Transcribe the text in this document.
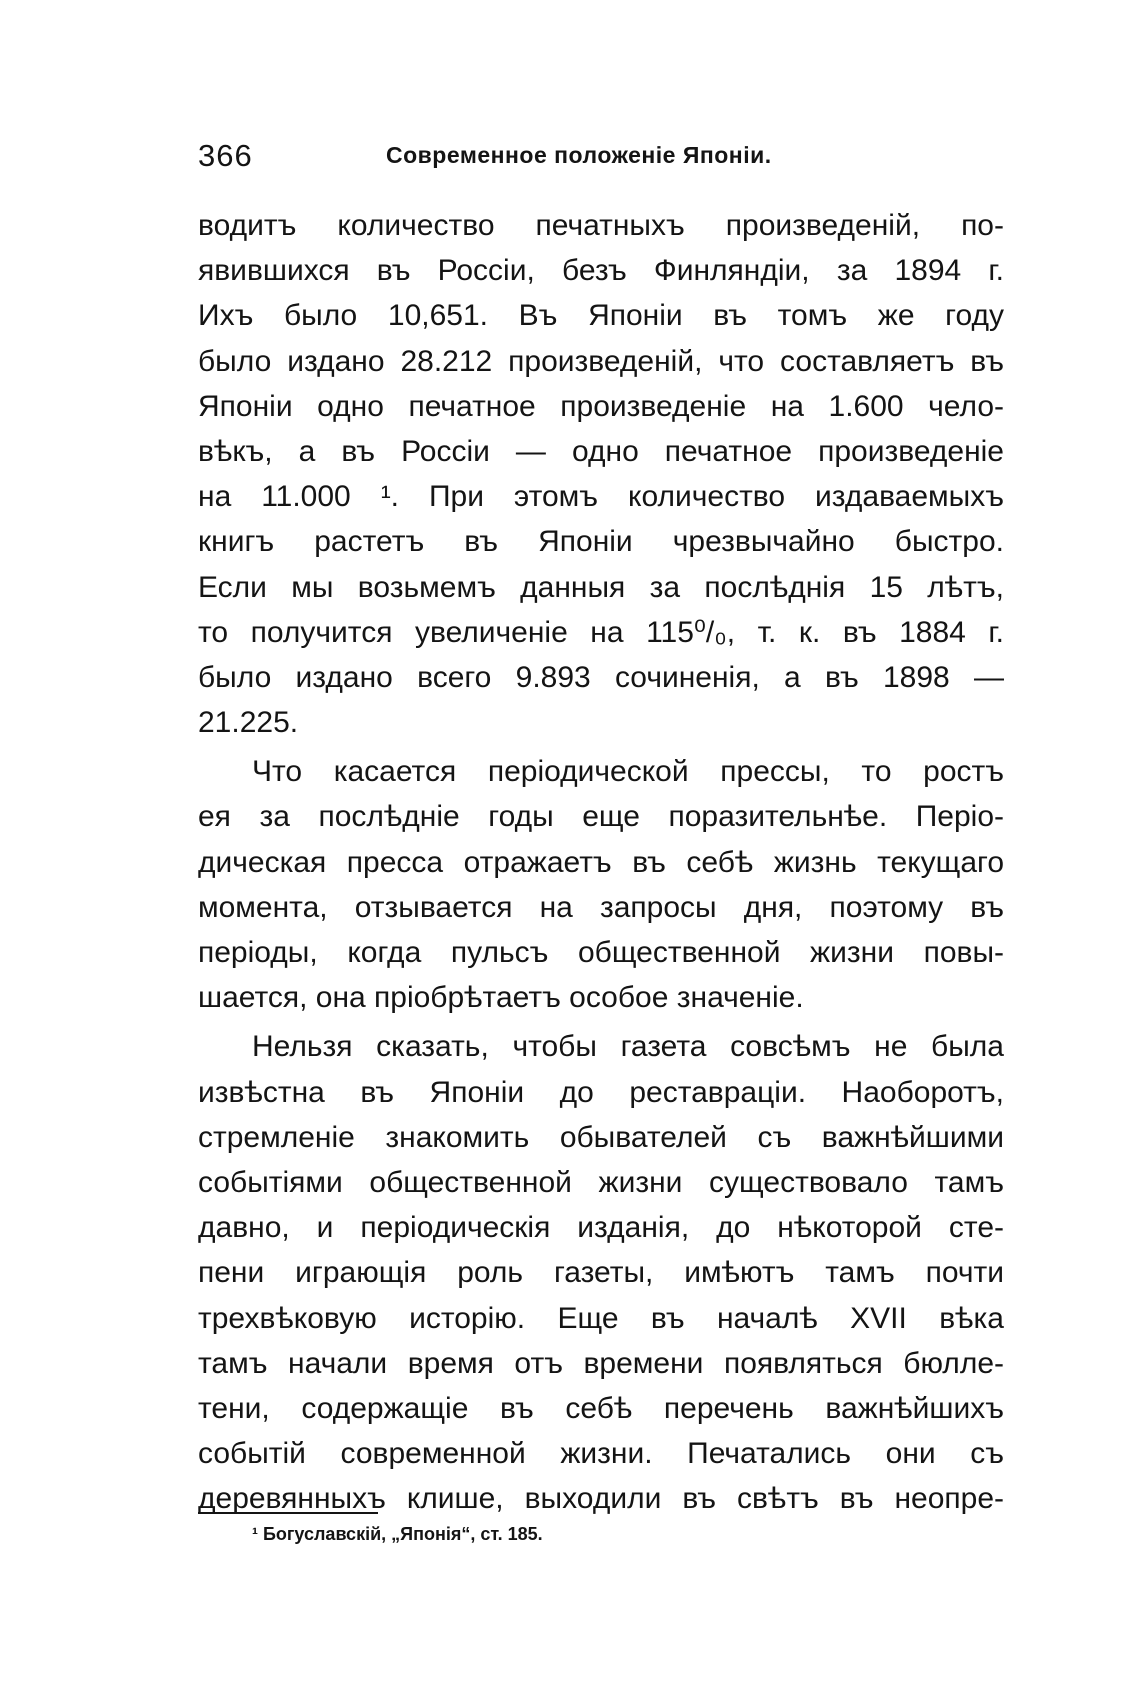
366	Современное положеніе Японіи.
водитъ количество печатныхъ произведеній, по-
явившихся въ Россіи, безъ Финляндіи, за 1894 г.
Ихъ было 10,651. Въ Японіи въ томъ же году
было издано 28.212 произведеній, что составляетъ въ
Японіи одно печатное произведеніе на 1.600 чело-
вѣкъ, а въ Россіи — одно печатное произведеніе
на 11.000 ¹. При этомъ количество издаваемыхъ
книгъ растетъ въ Японіи чрезвычайно быстро.
Если мы возьмемъ данныя за послѣднія 15 лѣтъ,
то получится увеличеніе на 115⁰/₀, т. к. въ 1884 г.
было издано всего 9.893 сочиненія, а въ 1898 —
21.225.
Что касается періодической прессы, то ростъ
ея за послѣдніе годы еще поразительнѣе. Періо-
дическая пресса отражаетъ въ себѣ жизнь текущаго
момента, отзывается на запросы дня, поэтому въ
періоды, когда пульсъ общественной жизни повы-
шается, она пріобрѣтаетъ особое значеніе.
Нельзя сказать, чтобы газета совсѣмъ не была
извѣстна въ Японіи до реставраціи. Наоборотъ,
стремленіе знакомить обывателей съ важнѣйшими
событіями общественной жизни существовало тамъ
давно, и періодическія изданія, до нѣкоторой сте-
пени играющія роль газеты, имѣютъ тамъ почти
трехвѣковую исторію. Еще въ началѣ XVII вѣка
тамъ начали время отъ времени появляться бюлле-
тени, содержащіе въ себѣ перечень важнѣйшихъ
событій современной жизни. Печатались они съ
деревянныхъ клише, выходили въ свѣтъ въ неопре-
¹ Богуславскій, „Японія“, ст. 185.
